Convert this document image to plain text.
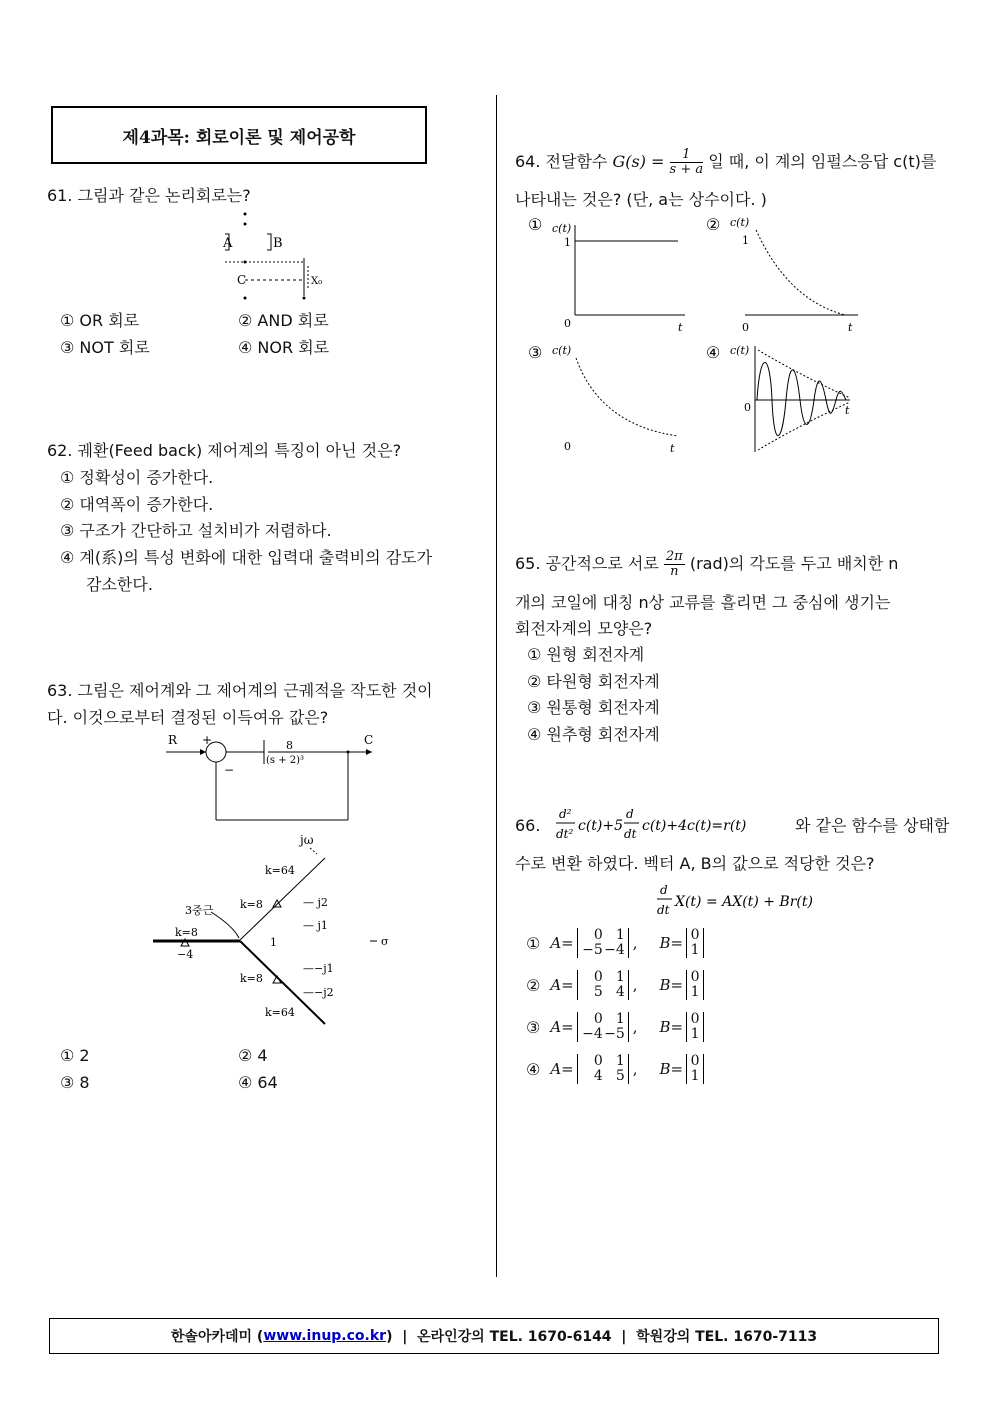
제4과목: 회로이론 및 제어공학
61. 그림과 같은 논리회로는?
A	B
C	X₀
① OR 회로	② AND 회로
③ NOT 회로	④ NOR 회로
62. 궤환(Feed back) 제어계의 특징이 아닌 것은?
① 정확성이 증가한다.
② 대역폭이 증가한다.
③ 구조가 간단하고 설치비가 저렴하다.
④ 계(系)의 특성 변화에 대한 입력대 출력비의 감도가
감소한다.
63. 그림은 제어계와 그 제어계의 근궤적을 작도한 것이
다. 이것으로부터 결정된 이득여유 값은?
R +
−
8
(s + 2)³
C
jω
k=64
k=8	— j2
— j1
3중근
k=8
−4
1	σ
k=8
—−j1
—−j2
k=64
① 2	② 4
③ 8	④ 64
64. 전달함수 $G(s) = \frac{1}{s + a}$ 일 때, 이 계의 임펄스응답 c(t)를
나타내는 것은? (단, a는 상수이다. )
① c(t)
1
0	t
② c(t)
1
0	t
③ c(t)
0	t
④ c(t)
0	t
65. 공간적으로 서로 $\frac{2\pi}{n} (rad)$의 각도를 두고 배치한 n
개의 코일에 대칭 n상 교류를 흘리면 그 중심에 생기는
회전자계의 모양은?
① 원형 회전자계
② 타원형 회전자계
③ 원통형 회전자계
④ 원추형 회전자계
66.
d²/dt² c(t) + 5 d/dt c(t) + 4c(t) = r(t)
d²
dt² c(t)+5
d
dt c(t)+4c(t)=r(t)	와 같은 함수를 상태함
수로 변환 하였다. 벡터 A, B의 값으로 적당한 것은?
d/dt X(t) = AX(t) + Br(t)
d
dt X(t) = AX(t) + Br(t)
① A=	0 1
−5 −4 , B= 0
1
② A=	0 1
5 4 , B= 0
1
③ A=	0 1
−4 −5 , B= 0
1
④ A=	0 1
4 5 , B= 0
1
한솔아카데미 ( www.inup.co.kr )  |  온라인강의 TEL. 1670-6144  |  학원강의 TEL. 1670-7113
